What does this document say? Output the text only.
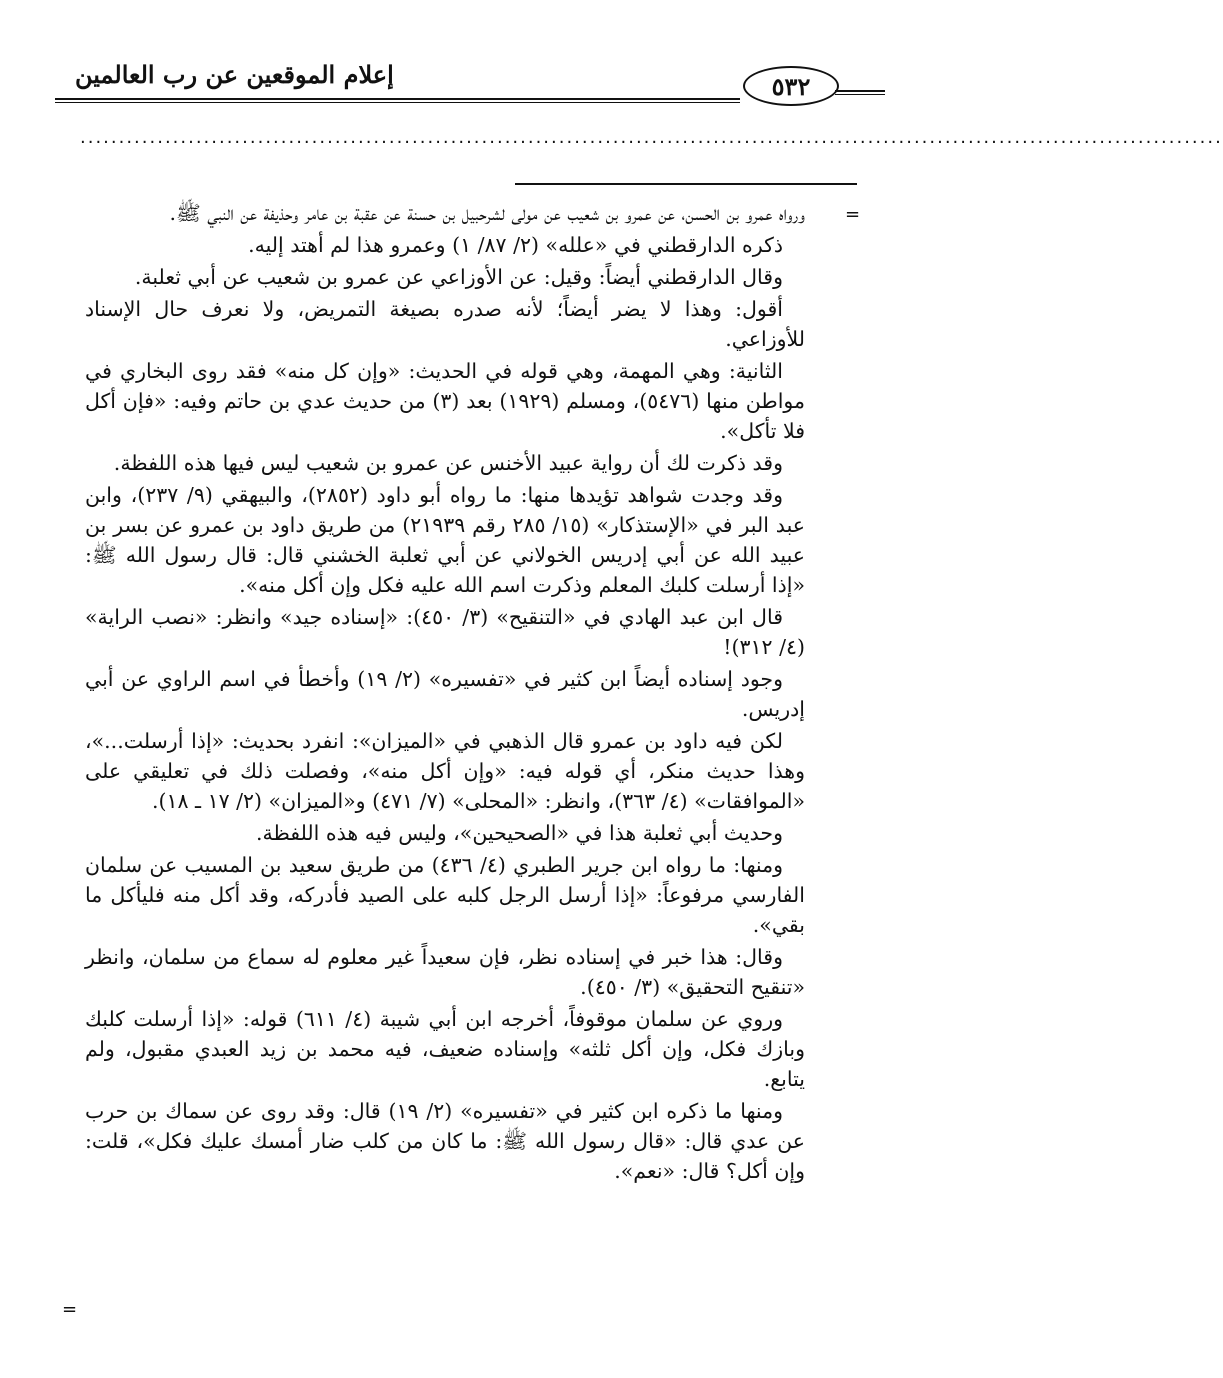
إعلام الموقعين عن رب العالمين	٥٣٢
....................................................................................................................................................
=
=

ورواه عمرو بن الحسن، عن عمرو بن شعيب عن مولى لشرحبيل بن حسنة عن عقبة بن عامر وحذيفة عن النبي ﷺ.

ذكره الدارقطني في «علله» (٢/ ٨٧/ ١) وعمرو هذا لم أهتد إليه.

وقال الدارقطني أيضاً: وقيل: عن الأوزاعي عن عمرو بن شعيب عن أبي ثعلبة.

أقول: وهذا لا يضر أيضاً؛ لأنه صدره بصيغة التمريض، ولا نعرف حال الإسناد للأوزاعي.

الثانية: وهي المهمة، وهي قوله في الحديث: «وإن كل منه» فقد روى البخاري في مواطن منها (٥٤٧٦)، ومسلم (١٩٢٩) بعد (٣) من حديث عدي بن حاتم وفيه: «فإن أكل فلا تأكل».

وقد ذكرت لك أن رواية عبيد الأخنس عن عمرو بن شعيب ليس فيها هذه اللفظة.

وقد وجدت شواهد تؤيدها منها: ما رواه أبو داود (٢٨٥٢)، والبيهقي (٩/ ٢٣٧)، وابن عبد البر في «الإستذكار» (١٥/ ٢٨٥ رقم ٢١٩٣٩) من طريق داود بن عمرو عن بسر بن عبيد الله عن أبي إدريس الخولاني عن أبي ثعلبة الخشني قال: قال رسول الله ﷺ: «إذا أرسلت كلبك المعلم وذكرت اسم الله عليه فكل وإن أكل منه».

قال ابن عبد الهادي في «التنقيح» (٣/ ٤٥٠): «إسناده جيد» وانظر: «نصب الراية» (٤/ ٣١٢)!

وجود إسناده أيضاً ابن كثير في «تفسيره» (٢/ ١٩) وأخطأ في اسم الراوي عن أبي إدريس.

لكن فيه داود بن عمرو قال الذهبي في «الميزان»: انفرد بحديث: «إذا أرسلت...»، وهذا حديث منكر، أي قوله فيه: «وإن أكل منه»، وفصلت ذلك في تعليقي على «الموافقات» (٤/ ٣٦٣)، وانظر: «المحلى» (٧/ ٤٧١) و«الميزان» (٢/ ١٧ ـ ١٨).

وحديث أبي ثعلبة هذا في «الصحيحين»، وليس فيه هذه اللفظة.

ومنها: ما رواه ابن جرير الطبري (٤/ ٤٣٦) من طريق سعيد بن المسيب عن سلمان الفارسي مرفوعاً: «إذا أرسل الرجل كلبه على الصيد فأدركه، وقد أكل منه فليأكل ما بقي».

وقال: هذا خبر في إسناده نظر، فإن سعيداً غير معلوم له سماع من سلمان، وانظر «تنقيح التحقيق» (٣/ ٤٥٠).

وروي عن سلمان موقوفاً، أخرجه ابن أبي شيبة (٤/ ٦١١) قوله: «إذا أرسلت كلبك وبازك فكل، وإن أكل ثلثه» وإسناده ضعيف، فيه محمد بن زيد العبدي مقبول، ولم يتابع.

ومنها ما ذكره ابن كثير في «تفسيره» (٢/ ١٩) قال: وقد روى عن سماك بن حرب عن عدي قال: «قال رسول الله ﷺ: ما كان من كلب ضار أمسك عليك فكل»، قلت: وإن أكل؟ قال: «نعم».
